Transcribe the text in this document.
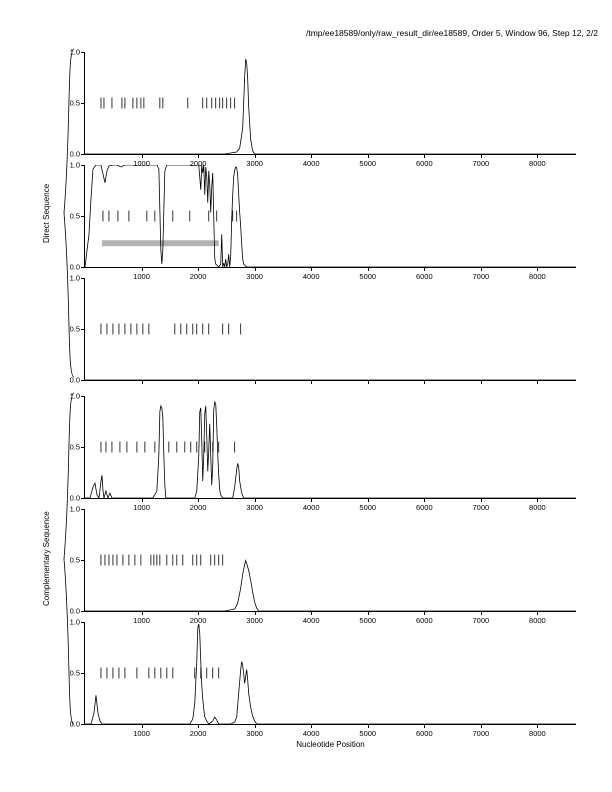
/tmp/ee18589/only/raw_result_dir/ee18589, Order 5, Window 96, Step 12, 2/2
Direct Sequence
Complementary Sequence
0.0
0.5
1.0
1000	2000	3000	4000	5000	6000	7000	8000
0.0
0.5
1.0
1000	2000	3000	4000	5000	6000	7000	8000
0.0
0.5
1.0
0.0
0.5
1.0
1000	2000	3000	4000	5000	6000	7000	8000
0.0
0.5
1.0
1000	2000	3000	4000	5000	6000	7000	8000
0.0
0.5
1.0
1000	2000	3000	4000	5000	6000	7000	8000
Nucleotide Position
